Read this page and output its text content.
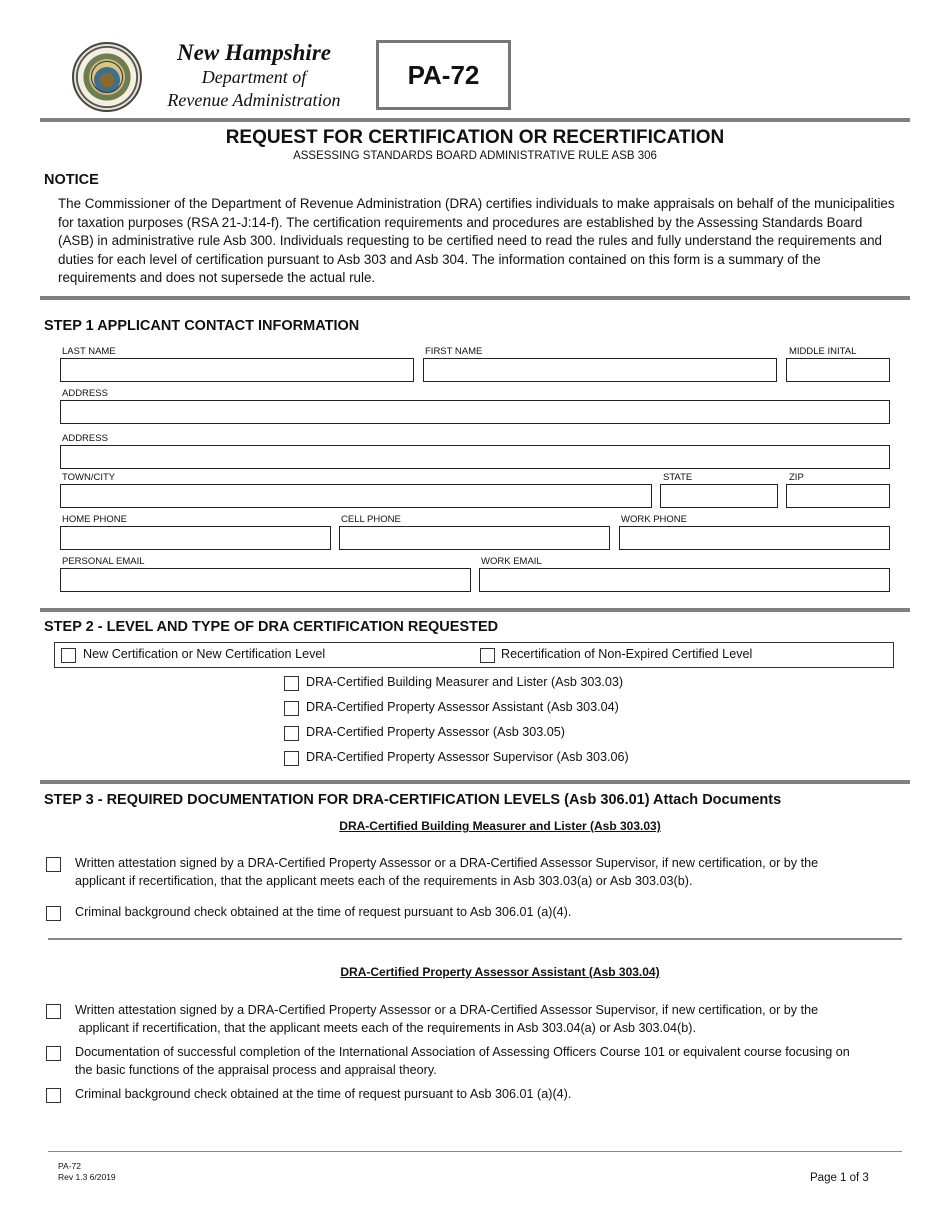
New Hampshire
Department of
Revenue Administration
PA-72
REQUEST FOR CERTIFICATION OR RECERTIFICATION
ASSESSING STANDARDS BOARD ADMINISTRATIVE RULE ASB 306
NOTICE
The Commissioner of the Department of Revenue Administration (DRA) certifies individuals to make appraisals on behalf of the municipalities for taxation purposes (RSA 21-J:14-f). The certification requirements and procedures are established by the Assessing Standards Board (ASB) in administrative rule Asb 300. Individuals requesting to be certified need to read the rules and fully understand the requirements and duties for each level of certification pursuant to Asb 303 and Asb 304. The information contained on this form is a summary of the requirements and does not supersede the actual rule.
STEP 1 APPLICANT CONTACT INFORMATION
LAST NAME	FIRST NAME	MIDDLE INITAL
ADDRESS
ADDRESS
TOWN/CITY	STATE	ZIP
HOME PHONE	CELL PHONE	WORK PHONE
PERSONAL EMAIL	WORK EMAIL
STEP 2 - LEVEL AND TYPE OF DRA CERTIFICATION REQUESTED
New Certification or New Certification Level	Recertification of Non-Expired Certified Level
DRA-Certified Building Measurer and Lister (Asb 303.03)
DRA-Certified Property Assessor Assistant (Asb 303.04)
DRA-Certified Property Assessor (Asb 303.05)
DRA-Certified Property Assessor Supervisor (Asb 303.06)
STEP 3 - REQUIRED DOCUMENTATION FOR DRA-CERTIFICATION LEVELS (Asb 306.01) Attach Documents
DRA-Certified Building Measurer and Lister (Asb 303.03)
Written attestation signed by a DRA-Certified Property Assessor or a DRA-Certified Assessor Supervisor, if new certification, or by the
applicant if recertification, that the applicant meets each of the requirements in Asb 303.03(a) or Asb 303.03(b).
Criminal background check obtained at the time of request pursuant to Asb 306.01 (a)(4).
DRA-Certified Property Assessor Assistant (Asb 303.04)
Written attestation signed by a DRA-Certified Property Assessor or a DRA-Certified Assessor Supervisor, if new certification, or by the
applicant if recertification, that the applicant meets each of the requirements in Asb 303.04(a) or Asb 303.04(b).
Documentation of successful completion of the International Association of Assessing Officers Course 101 or equivalent course focusing on
the basic functions of the appraisal process and appraisal theory.
Criminal background check obtained at the time of request pursuant to Asb 306.01 (a)(4).
PA-72
Rev 1.3 6/2019	Page 1 of 3
